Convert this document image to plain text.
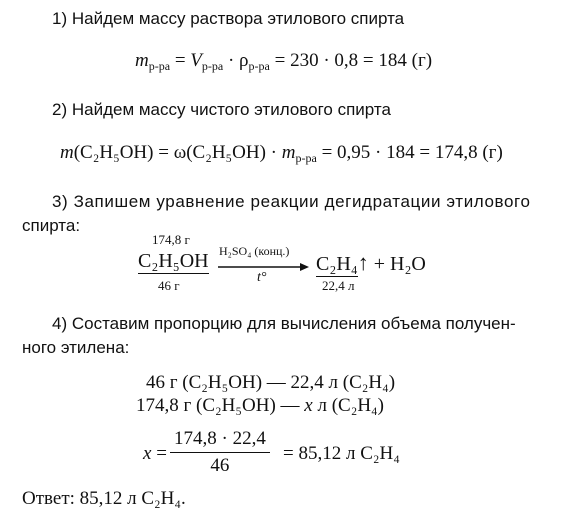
1) Найдем массу раствора этилового спирта
$m_{р-ра} = V_{р-ра} \cdot \rho_{р-ра} = 230 \cdot 0,8 = 184$ (г)
2) Найдем массу чистого этилового спирта
$m(C_2H_5OH) = \omega(C_2H_5OH) \cdot m_{р-ра} = 0,95 \cdot 184 = 174,8$ (г)
3) Запишем уравнение реакции дегидратации этилового
спирта:
174,8 г
C₂H₅OH
46 г
H₂SO₄ (конц.)
t°
C₂H₄↑ + H₂O
22,4 л
4) Составим пропорцию для вычисления объема получен-
ного этилена:
46 г (C₂H₅OH) — 22,4 л (C₂H₄)
174,8 г (C₂H₅OH) — x л (C₂H₄)
$x = \frac{174,8 \cdot 22,4}{46} = 85,12$ л C₂H₄
Ответ: 85,12 л C₂H₄.
